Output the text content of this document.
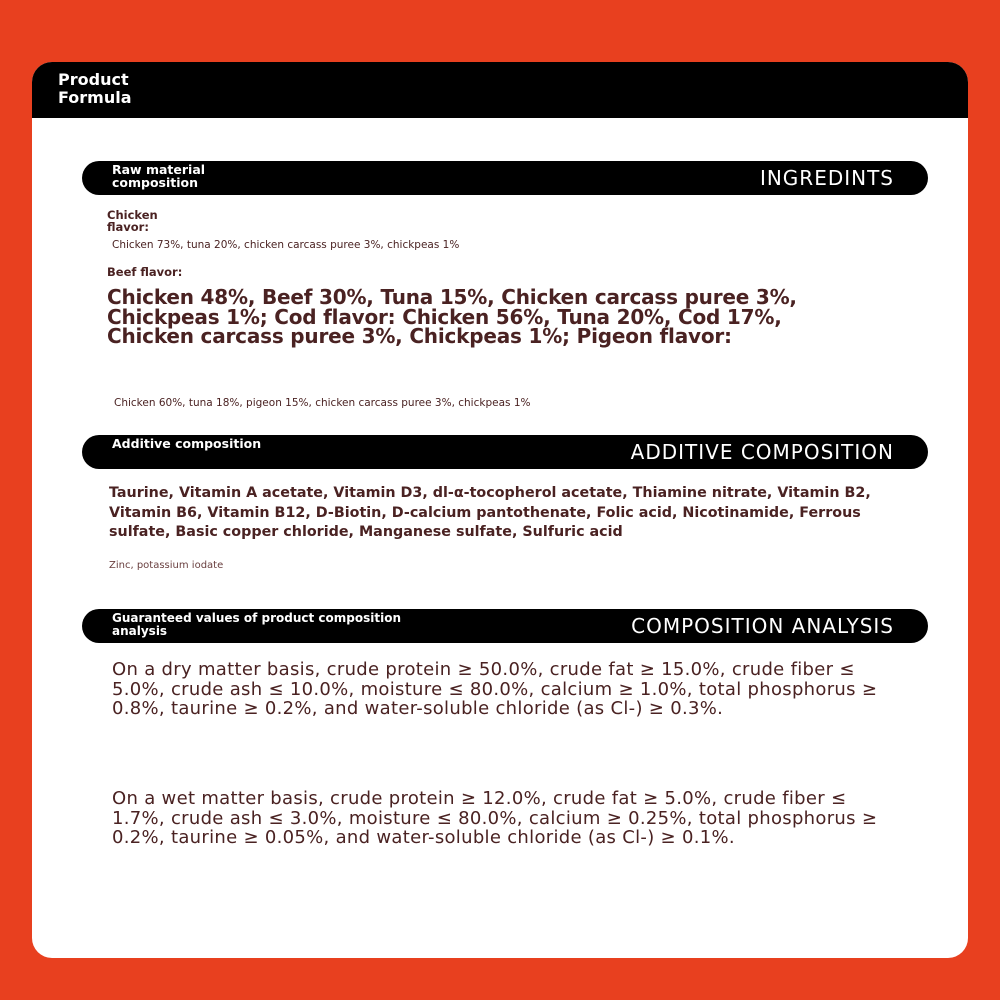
Product Formula
Raw material composition	INGREDINTS
Chicken flavor:
Chicken 73%, tuna 20%, chicken carcass puree 3%, chickpeas 1%
Beef flavor:
Chicken 48%, Beef 30%, Tuna 15%, Chicken carcass puree 3%, Chickpeas 1%; Cod flavor: Chicken 56%, Tuna 20%, Cod 17%, Chicken carcass puree 3%, Chickpeas 1%; Pigeon flavor:
Chicken 60%, tuna 18%, pigeon 15%, chicken carcass puree 3%, chickpeas 1%
Additive composition	ADDITIVE COMPOSITION
Taurine, Vitamin A acetate, Vitamin D3, dl-α-tocopherol acetate, Thiamine nitrate, Vitamin B2, Vitamin B6, Vitamin B12, D-Biotin, D-calcium pantothenate, Folic acid, Nicotinamide, Ferrous sulfate, Basic copper chloride, Manganese sulfate, Sulfuric acid
Zinc, potassium iodate
Guaranteed values of product composition analysis	COMPOSITION ANALYSIS
On a dry matter basis, crude protein ≥ 50.0%, crude fat ≥ 15.0%, crude fiber ≤ 5.0%, crude ash ≤ 10.0%, moisture ≤ 80.0%, calcium ≥ 1.0%, total phosphorus ≥ 0.8%, taurine ≥ 0.2%, and water-soluble chloride (as Cl-) ≥ 0.3%.
On a wet matter basis, crude protein ≥ 12.0%, crude fat ≥ 5.0%, crude fiber ≤ 1.7%, crude ash ≤ 3.0%, moisture ≤ 80.0%, calcium ≥ 0.25%, total phosphorus ≥ 0.2%, taurine ≥ 0.05%, and water-soluble chloride (as Cl-) ≥ 0.1%.
